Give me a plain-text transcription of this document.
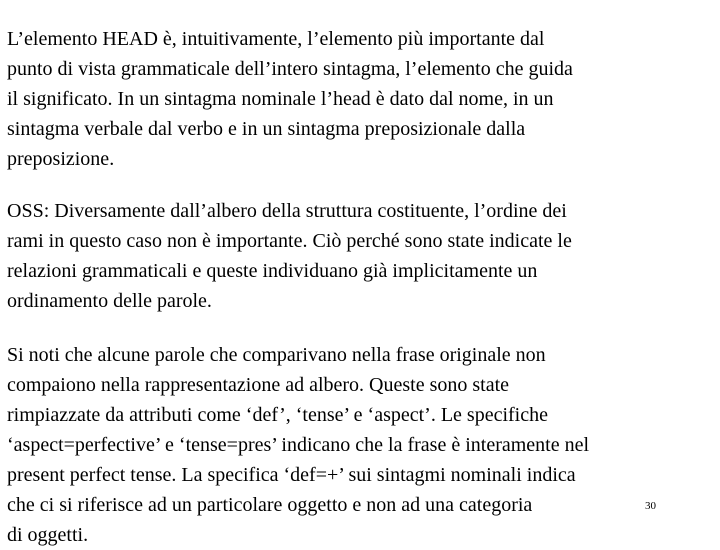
L’elemento HEAD è, intuitivamente, l’elemento più importante dal
punto di vista grammaticale dell’intero sintagma, l’elemento che guida
il significato. In un sintagma nominale l’head è dato dal nome, in un
sintagma verbale dal verbo e in un sintagma preposizionale dalla
preposizione.

OSS: Diversamente dall’albero della struttura costituente, l’ordine dei
rami in questo caso non è importante. Ciò perché sono state indicate le
relazioni grammaticali e queste individuano già implicitamente un
ordinamento delle parole.

Si noti che alcune parole che comparivano nella frase originale non
compaiono nella rappresentazione ad albero. Queste sono state
rimpiazzate da attributi come ‘def’, ‘tense’ e ‘aspect’. Le specifiche
‘aspect=perfective’ e ‘tense=pres’ indicano che la frase è interamente nel
present perfect tense. La specifica ‘def=+’ sui sintagmi nominali indica
che ci si riferisce ad un particolare oggetto e non ad una categoria
di oggetti.

30
